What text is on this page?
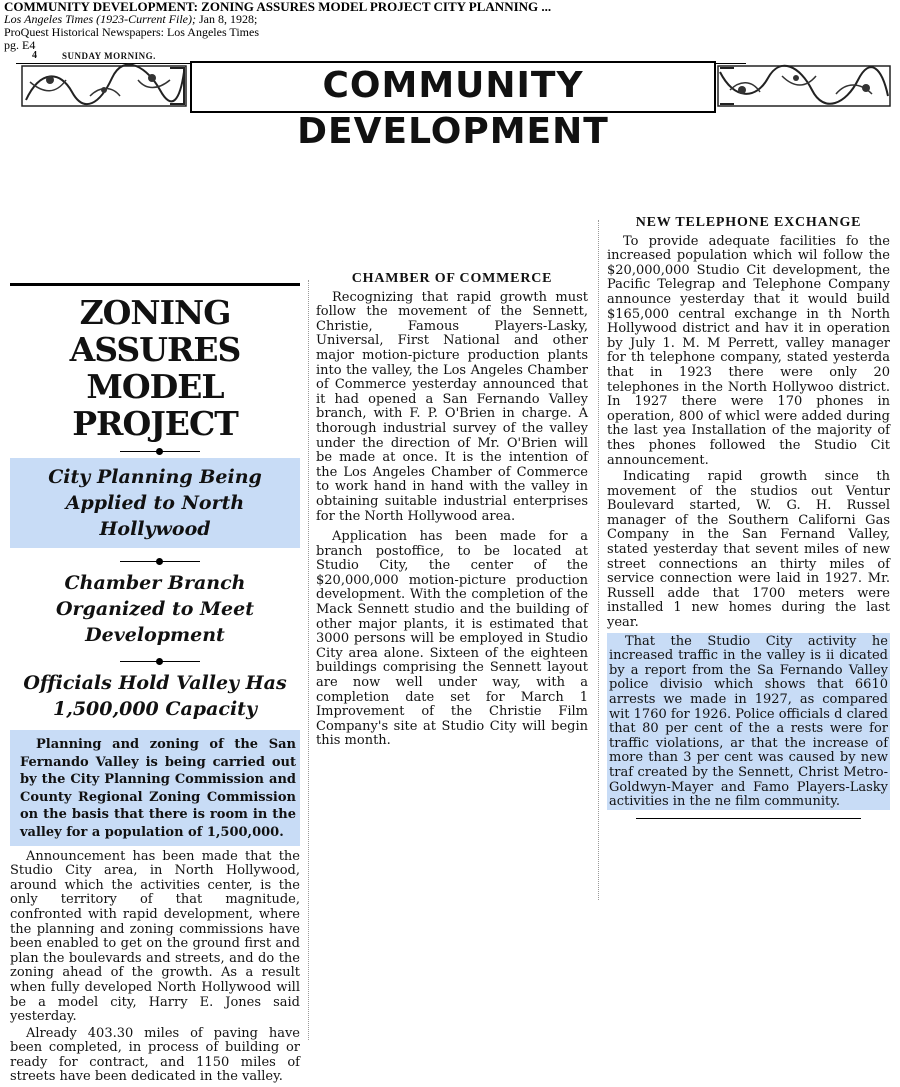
COMMUNITY DEVELOPMENT: ZONING ASSURES MODEL PROJECT CITY PLANNING ...
Los Angeles Times (1923-Current File); Jan 8, 1928;
ProQuest Historical Newspapers: Los Angeles Times
pg. E4
4	SUNDAY MORNING.
COMMUNITY DEVELOPMENT
ZONING ASSURES
MODEL PROJECT
City Planning Being Applied to North Hollywood
Chamber Branch Organized to Meet Development
Officials Hold Valley Has 1,500,000 Capacity

Planning and zoning of the San Fernando Valley is being carried out by the City Planning Commission and County Regional Zoning Commission on the basis that there is room in the valley for a population of 1,500,000.

Announcement has been made that the Studio City area, in North Hollywood, around which the activities center, is the only territory of that magnitude, confronted with rapid development, where the planning and zoning commissions have been enabled to get on the ground first and plan the boulevards and streets, and do the zoning ahead of the growth. As a result when fully developed North Hollywood will be a model city, Harry E. Jones said yesterday.

Already 403.30 miles of paving have been completed, in process of building or ready for contract, and 1150 miles of streets have been dedicated in the valley.

CHAMBER OF COMMERCE

Recognizing that rapid growth must follow the movement of the Sennett, Christie, Famous Players-Lasky, Universal, First National and other major motion-picture production plants into the valley, the Los Angeles Chamber of Commerce yesterday announced that it had opened a San Fernando Valley branch, with F. P. O'Brien in charge. A thorough industrial survey of the valley under the direction of Mr. O'Brien will be made at once. It is the intention of the Los Angeles Chamber of Commerce to work hand in hand with the valley in obtaining suitable industrial enterprises for the North Hollywood area.

Application has been made for a branch postoffice, to be located at Studio City, the center of the $20,000,000 motion-picture production development. With the completion of the Mack Sennett studio and the building of other major plants, it is estimated that 3000 persons will be employed in Studio City area alone. Sixteen of the eighteen buildings comprising the Sennett layout are now well under way, with a completion date set for March 1 Improvement of the Christie Film Company's site at Studio City will begin this month.

NEW TELEPHONE EXCHANGE

To provide adequate facilities fo the increased population which wil follow the $20,000,000 Studio Cit development, the Pacific Telegrap and Telephone Company announce yesterday that it would build $165,000 central exchange in th North Hollywood district and hav it in operation by July 1. M. M Perrett, valley manager for th telephone company, stated yesterda that in 1923 there were only 20 telephones in the North Hollywoo district. In 1927 there were 170 phones in operation, 800 of whicl were added during the last yea Installation of the majority of thes phones followed the Studio Cit announcement.

Indicating rapid growth since th movement of the studios out Ventur Boulevard started, W. G. H. Russel manager of the Southern Californi Gas Company in the San Fernand Valley, stated yesterday that sevent miles of new street connections an thirty miles of service connection were laid in 1927. Mr. Russell adde that 1700 meters were installed 1 new homes during the last year.

That the Studio City activity he increased traffic in the valley is ii dicated by a report from the Sa Fernando Valley police divisio which shows that 6610 arrests we made in 1927, as compared wit 1760 for 1926. Police officials d clared that 80 per cent of the a rests were for traffic violations, ar that the increase of more than 3 per cent was caused by new traf created by the Sennett, Christ Metro-Goldwyn-Mayer and Famo Players-Lasky activities in the ne film community.
